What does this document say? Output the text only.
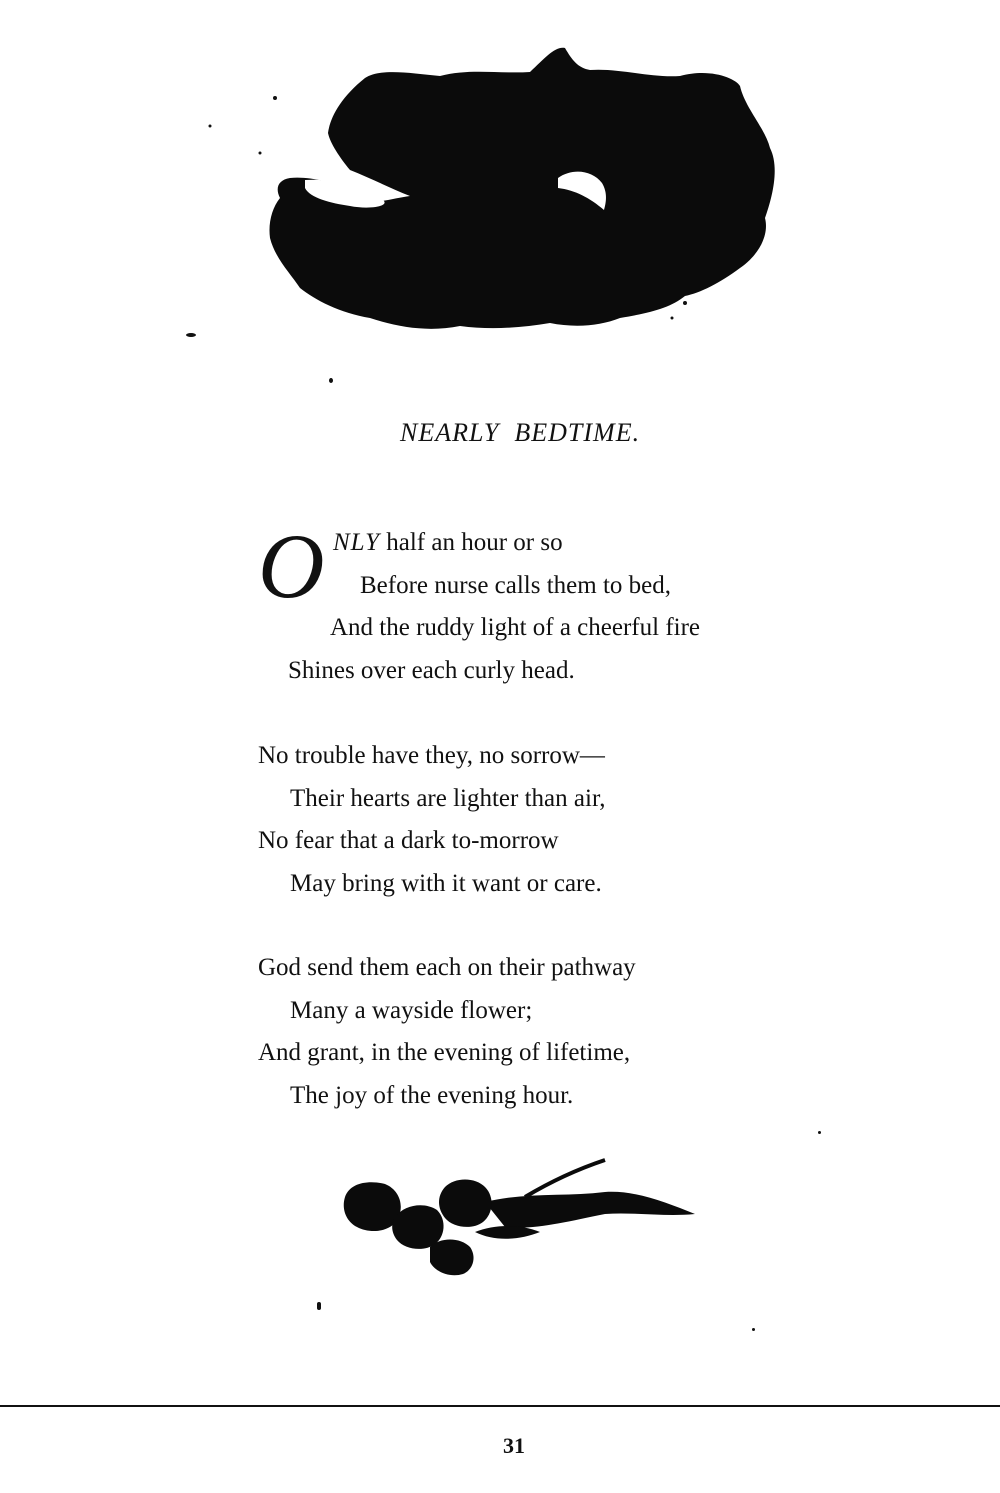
NEARLY  BEDTIME.
O NLY half an hour or so
Before nurse calls them to bed,
And the ruddy light of a cheerful fire
Shines over each curly head.
No trouble have they, no sorrow—
Their hearts are lighter than air,
No fear that a dark to-morrow
May bring with it want or care.
God send them each on their pathway
Many a wayside flower;
And grant, in the evening of lifetime,
The joy of the evening hour.
31
